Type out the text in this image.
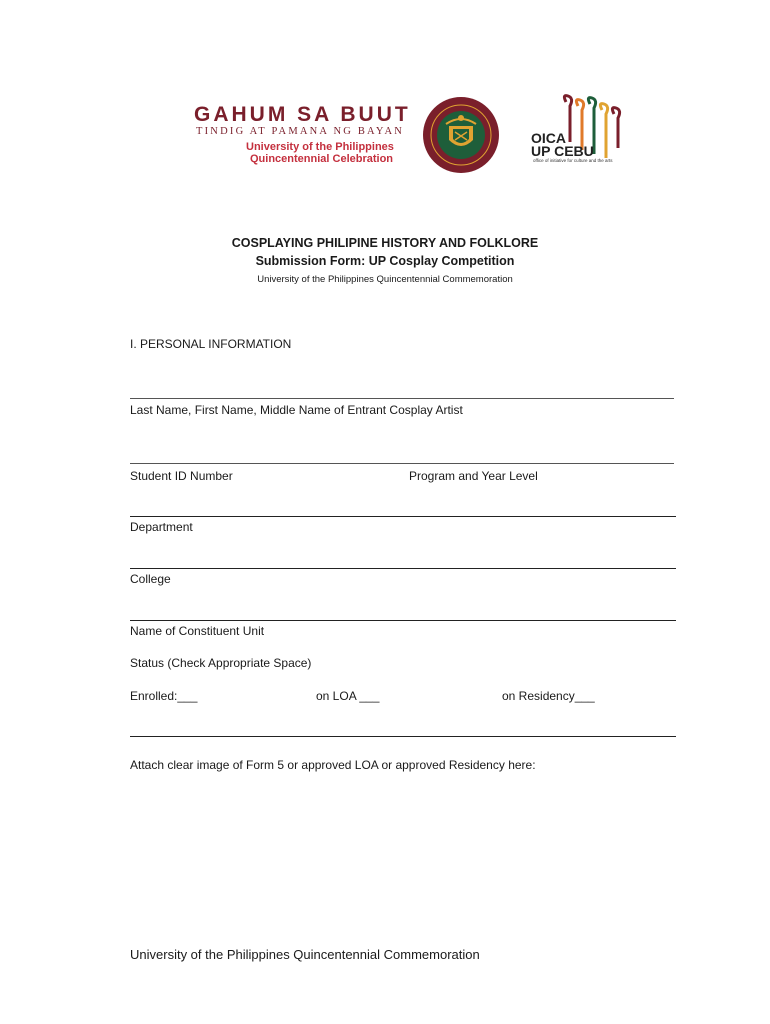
GAHUM SA BUUT
TINDIG AT PAMANA NG BAYAN
University of the Philippines
Quincentennial Celebration
OICA
UP CEBU
office of initiative for culture and the arts
COSPLAYING PHILIPINE HISTORY AND FOLKLORE
Submission Form: UP Cosplay Competition
University of the Philippines Quincentennial Commemoration
I. PERSONAL INFORMATION
Last Name, First Name, Middle Name of Entrant Cosplay Artist
Student ID Number	Program and Year Level
Department
College
Name of Constituent Unit
Status (Check Appropriate Space)
Enrolled:___	on LOA ___	on Residency___
Attach clear image of Form 5 or approved LOA or approved Residency here:
University of the Philippines Quincentennial Commemoration
